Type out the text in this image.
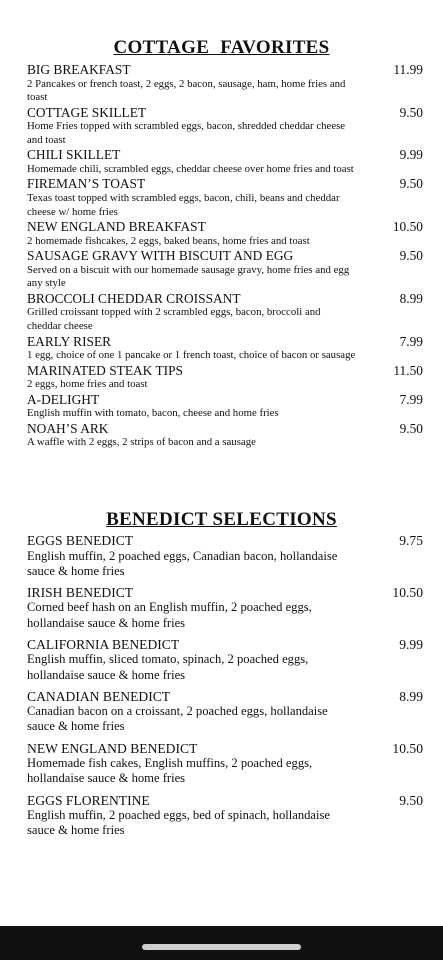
COTTAGE FAVORITES
BIG BREAKFAST	11.99
2 Pancakes or french toast, 2 eggs, 2 bacon, sausage, ham, home fries and toast
COTTAGE SKILLET	9.50
Home Fries topped with scrambled eggs, bacon, shredded cheddar cheese and toast
CHILI SKILLET	9.99
Homemade chili, scrambled eggs, cheddar cheese over home fries and toast
FIREMAN’S TOAST	9.50
Texas toast topped with scrambled eggs, bacon, chili, beans and cheddar cheese w/ home fries
NEW ENGLAND BREAKFAST	10.50
2 homemade fishcakes, 2 eggs, baked beans, home fries and toast
SAUSAGE GRAVY WITH BISCUIT AND EGG	9.50
Served on a biscuit with our homemade sausage gravy, home fries and egg any style
BROCCOLI CHEDDAR CROISSANT	8.99
Grilled croissant topped with 2 scrambled eggs, bacon, broccoli and cheddar cheese
EARLY RISER	7.99
1 egg, choice of one 1 pancake or 1 french toast, choice of bacon or sausage
MARINATED STEAK TIPS	11.50
2 eggs, home fries and toast
A-DELIGHT	7.99
English muffin with tomato, bacon, cheese and home fries
NOAH’S ARK	9.50
A waffle with 2 eggs, 2 strips of bacon and a sausage
BENEDICT SELECTIONS
EGGS BENEDICT	9.75
English muffin, 2 poached eggs, Canadian bacon, hollandaise sauce & home fries
IRISH BENEDICT	10.50
Corned beef hash on an English muffin, 2 poached eggs, hollandaise sauce & home fries
CALIFORNIA BENEDICT	9.99
English muffin, sliced tomato, spinach, 2 poached eggs, hollandaise sauce & home fries
CANADIAN BENEDICT	8.99
Canadian bacon on a croissant, 2 poached eggs, hollandaise sauce & home fries
NEW ENGLAND BENEDICT	10.50
Homemade fish cakes, English muffins, 2 poached eggs, hollandaise sauce & home fries
EGGS FLORENTINE	9.50
English muffin, 2 poached eggs, bed of spinach, hollandaise sauce & home fries
